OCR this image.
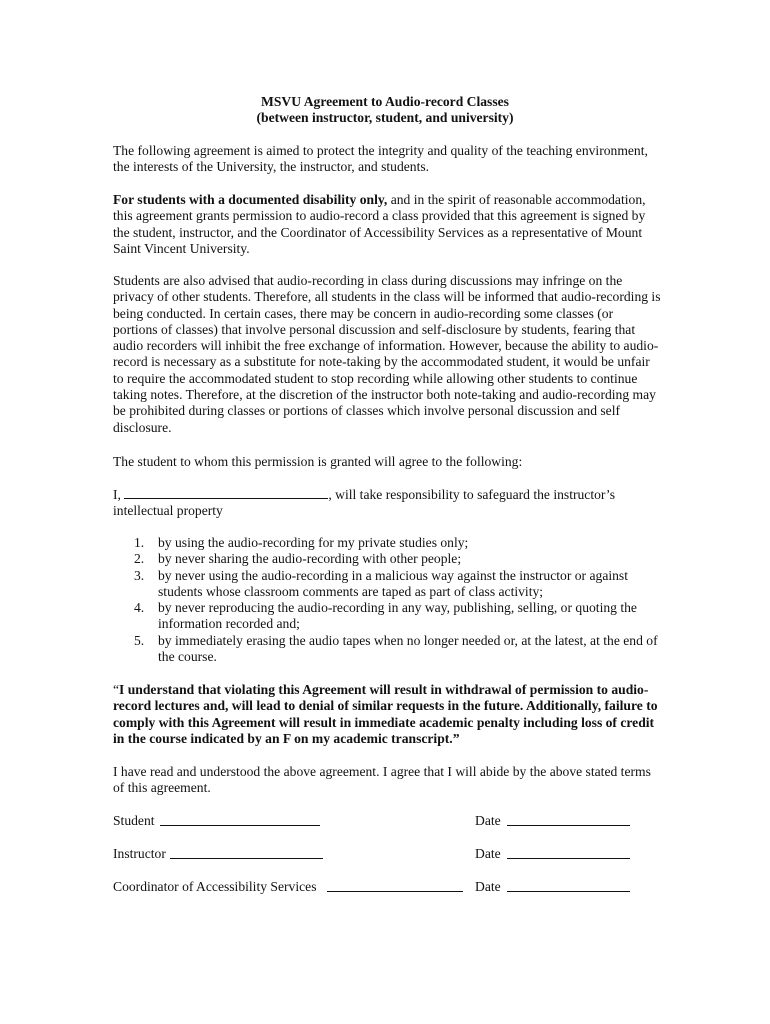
MSVU Agreement to Audio-record Classes
(between instructor, student, and university)

The following agreement is aimed to protect the integrity and quality of the teaching environment, the interests of the University, the instructor, and students.

For students with a documented disability only, and in the spirit of reasonable accommodation, this agreement grants permission to audio-record a class provided that this agreement is signed by the student, instructor, and the Coordinator of Accessibility Services as a representative of Mount Saint Vincent University.

Students are also advised that audio-recording in class during discussions may infringe on the privacy of other students. Therefore, all students in the class will be informed that audio-recording is being conducted. In certain cases, there may be concern in audio-recording some classes (or portions of classes) that involve personal discussion and self-disclosure by students, fearing that audio recorders will inhibit the free exchange of information. However, because the ability to audio-record is necessary as a substitute for note-taking by the accommodated student, it would be unfair to require the accommodated student to stop recording while allowing other students to continue taking notes. Therefore, at the discretion of the instructor both note-taking and audio-recording may be prohibited during classes or portions of classes which involve personal discussion and self disclosure.

The student to whom this permission is granted will agree to the following:

I,	, will take responsibility to safeguard the instructor’s intellectual property

1. by using the audio-recording for my private studies only;
2. by never sharing the audio-recording with other people;
3. by never using the audio-recording in a malicious way against the instructor or against students whose classroom comments are taped as part of class activity;
4. by never reproducing the audio-recording in any way, publishing, selling, or quoting the information recorded and;
5. by immediately erasing the audio tapes when no longer needed or, at the latest, at the end of the course.

“I understand that violating this Agreement will result in withdrawal of permission to audio-record lectures and, will lead to denial of similar requests in the future. Additionally, failure to comply with this Agreement will result in immediate academic penalty including loss of credit in the course indicated by an F on my academic transcript.”

I have read and understood the above agreement. I agree that I will abide by the above stated terms of this agreement.

Student	Date
Instructor	Date
Coordinator of Accessibility Services	Date
